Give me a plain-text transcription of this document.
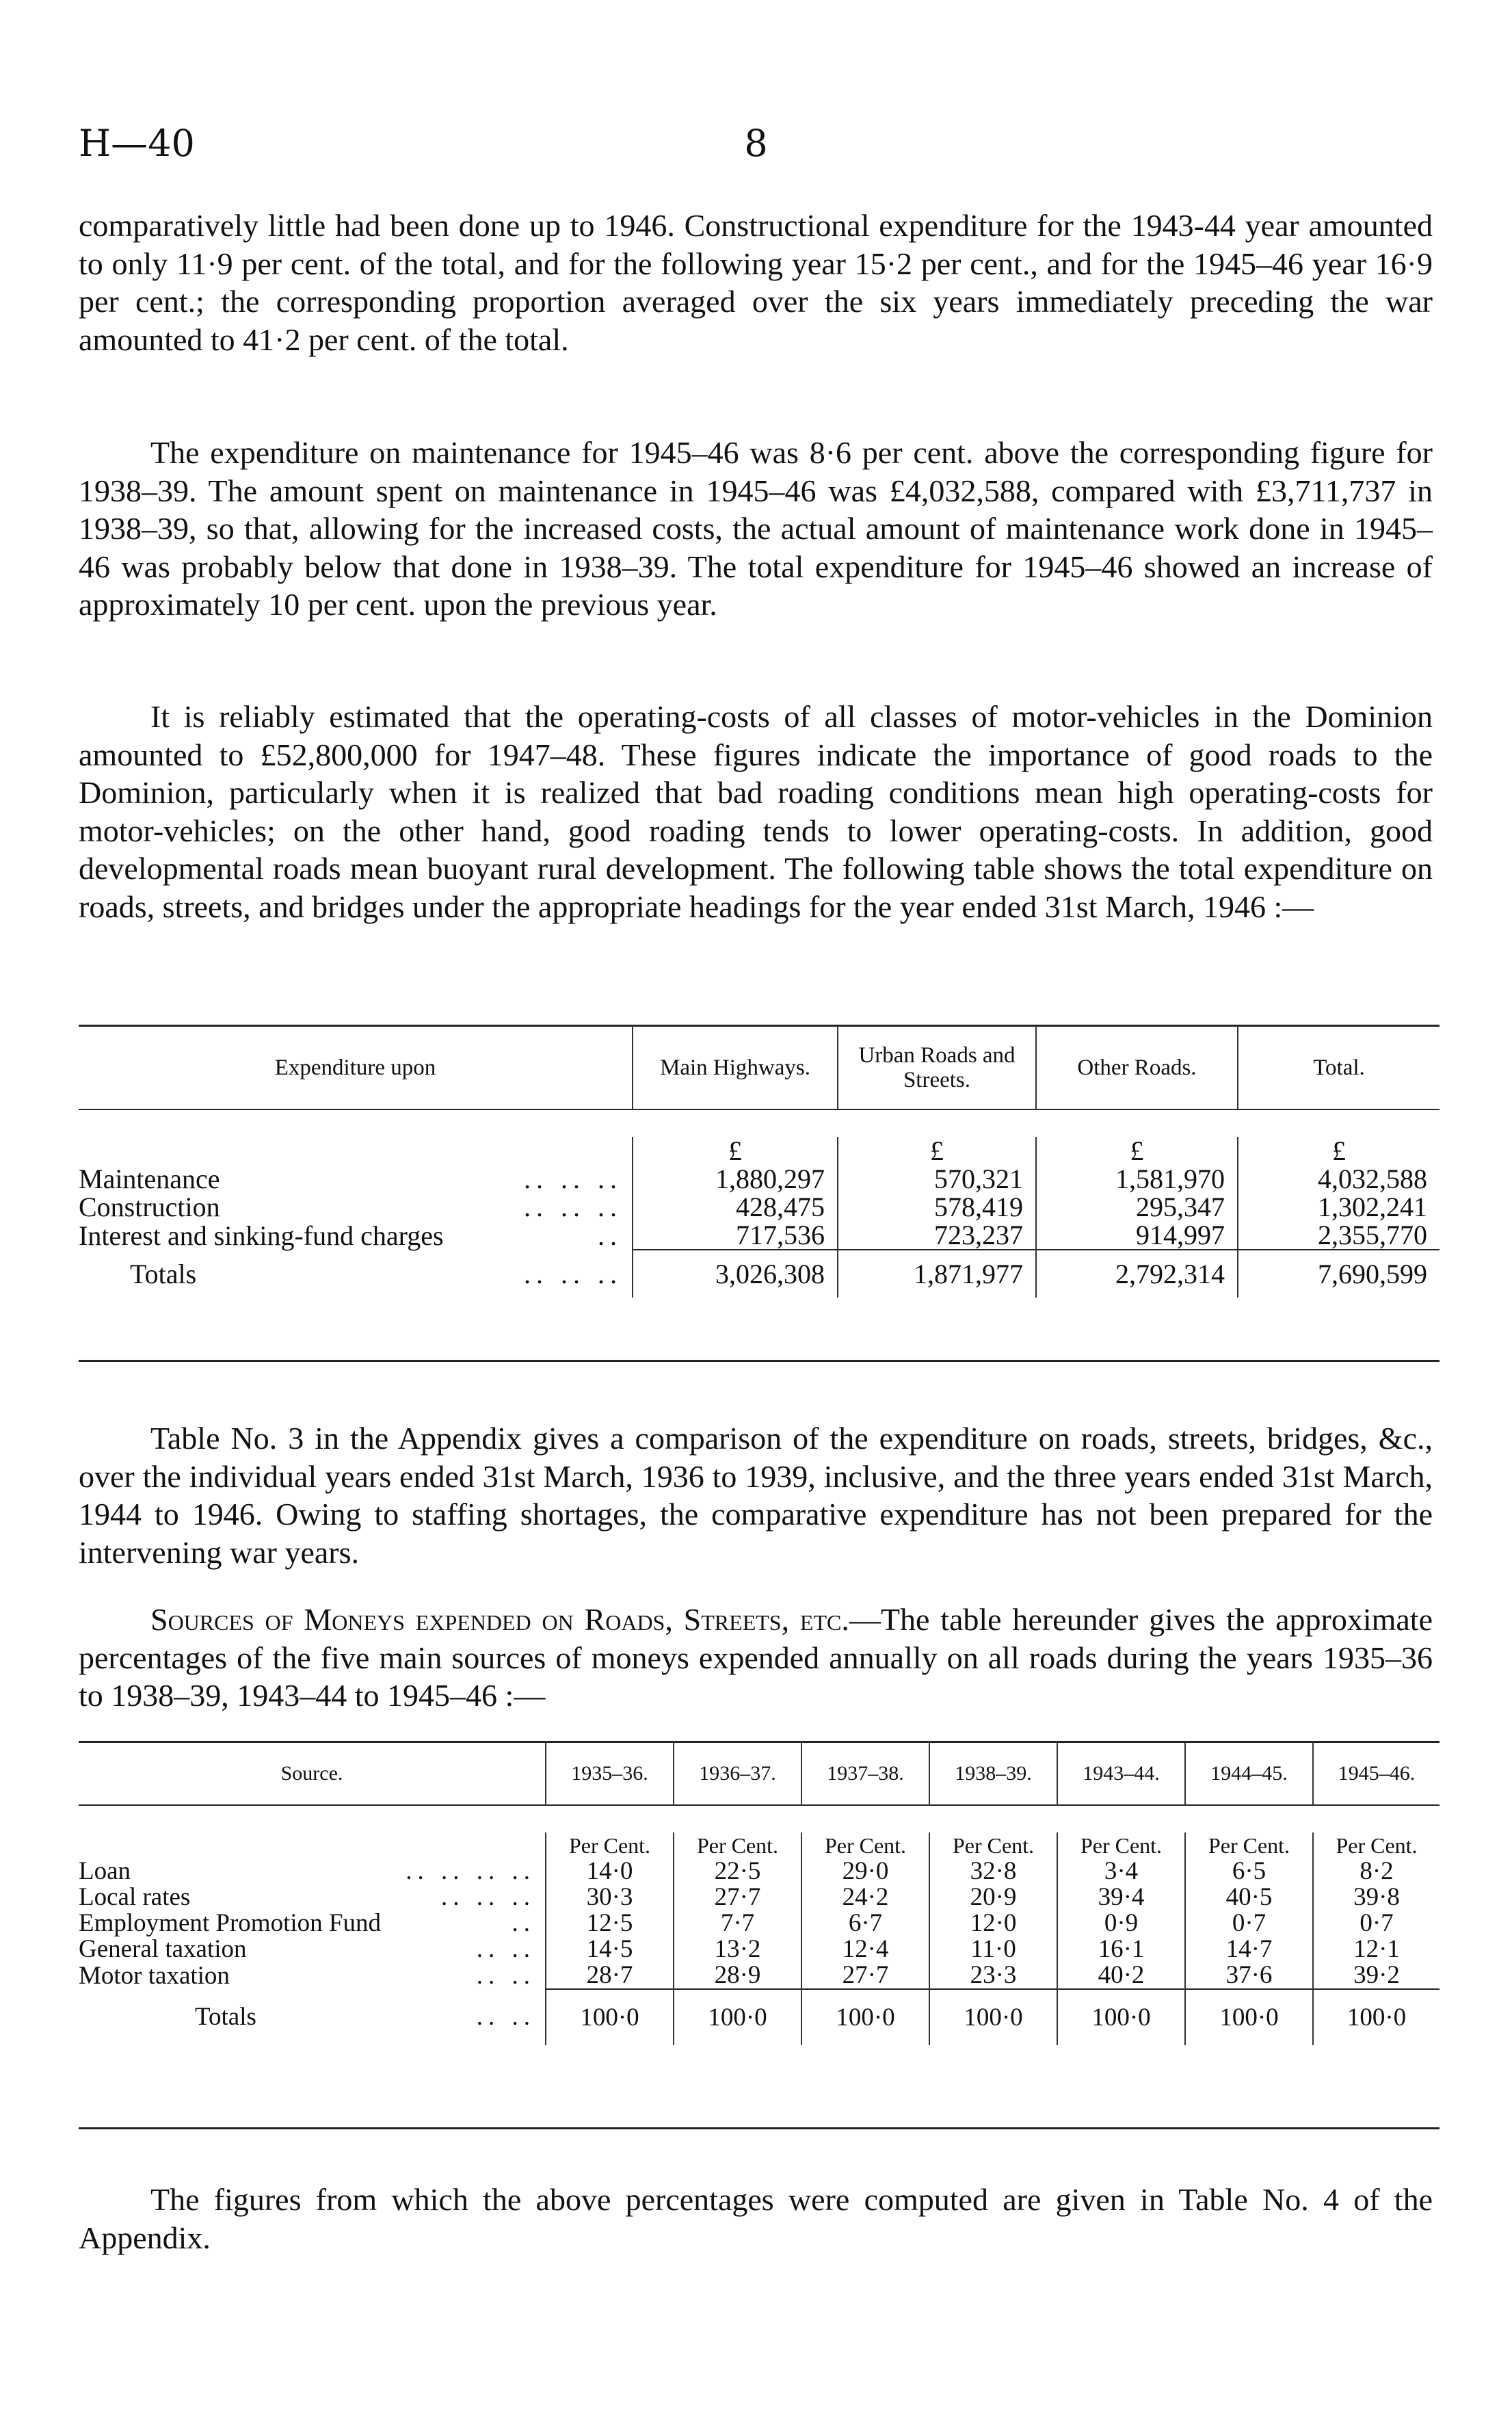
H—40	8

comparatively little had been done up to 1946. Constructional expenditure for the 1943-44 year amounted to only 11·9 per cent. of the total, and for the following year 15·2 per cent., and for the 1945–46 year 16·9 per cent.; the corresponding proportion averaged over the six years immediately preceding the war amounted to 41·2 per cent. of the total.

The expenditure on maintenance for 1945–46 was 8·6 per cent. above the corresponding figure for 1938–39. The amount spent on maintenance in 1945–46 was £4,032,588, compared with £3,711,737 in 1938–39, so that, allowing for the increased costs, the actual amount of maintenance work done in 1945–46 was probably below that done in 1938–39. The total expenditure for 1945–46 showed an increase of approximately 10 per cent. upon the previous year.

It is reliably estimated that the operating-costs of all classes of motor-vehicles in the Dominion amounted to £52,800,000 for 1947–48. These figures indicate the importance of good roads to the Dominion, particularly when it is realized that bad roading conditions mean high operating-costs for motor-vehicles; on the other hand, good roading tends to lower operating-costs. In addition, good developmental roads mean buoyant rural development. The following table shows the total expenditure on roads, streets, and bridges under the appropriate headings for the year ended 31st March, 1946 :—

Expenditure upon	Main Highways.	Urban Roads and Streets.	Other Roads.	Total.

	£	£	£	£
Maintenance .. .. ..	1,880,297	570,321	1,581,970	4,032,588
Construction .. .. ..	428,475	578,419	295,347	1,302,241
Interest and sinking-fund charges ..	717,536	723,237	914,997	2,355,770
Totals .. .. ..	3,026,308	1,871,977	2,792,314	7,690,599

Table No. 3 in the Appendix gives a comparison of the expenditure on roads, streets, bridges, &c., over the individual years ended 31st March, 1936 to 1939, inclusive, and the three years ended 31st March, 1944 to 1946. Owing to staffing shortages, the comparative expenditure has not been prepared for the intervening war years.

Sources of Moneys expended on Roads, Streets, etc.—The table hereunder gives the approximate percentages of the five main sources of moneys expended annually on all roads during the years 1935–36 to 1938–39, 1943–44 to 1945–46 :—

Source.	1935–36.	1936–37.	1937–38.	1938–39.	1943–44.	1944–45.	1945–46.

	Per Cent.	Per Cent.	Per Cent.	Per Cent.	Per Cent.	Per Cent.	Per Cent.
Loan .. .. .. ..	14·0	22·5	29·0	32·8	3·4	6·5	8·2
Local rates .. .. ..	30·3	27·7	24·2	20·9	39·4	40·5	39·8
Employment Promotion Fund ..	12·5	7·7	6·7	12·0	0·9	0·7	0·7
General taxation .. ..	14·5	13·2	12·4	11·0	16·1	14·7	12·1
Motor taxation .. ..	28·7	28·9	27·7	23·3	40·2	37·6	39·2
Totals .. ..	100·0	100·0	100·0	100·0	100·0	100·0	100·0

The figures from which the above percentages were computed are given in Table No. 4 of the Appendix.
